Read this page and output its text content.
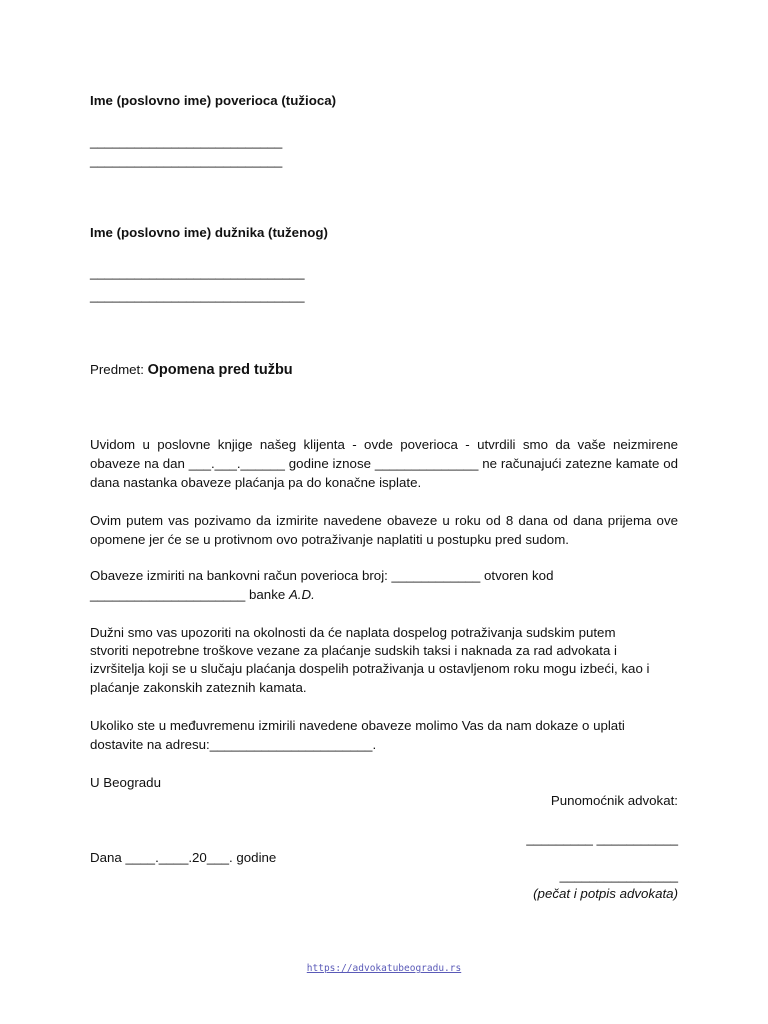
Ime (poslovno ime) poverioca (tužioca)
__________________________
__________________________
Ime (poslovno ime) dužnika (tuženog)
_____________________________
_____________________________
Predmet: Opomena pred tužbu
Uvidom u poslovne knjige našeg klijenta - ovde poverioca - utvrdili smo da vaše neizmirene obaveze na dan ___.___.______ godine iznose ______________ ne računajući zatezne kamate od dana nastanka obaveze plaćanja pa do konačne isplate.
Ovim putem vas pozivamo da izmirite navedene obaveze u roku od 8 dana od dana prijema ove opomene jer će se u protivnom ovo potraživanje naplatiti u postupku pred sudom.
Obaveze izmiriti na bankovni račun poverioca broj: ____________ otvoren kod
_____________________ banke A.D.
Dužni smo vas upozoriti na okolnosti da će naplata dospelog potraživanja sudskim putem
stvoriti nepotrebne troškove vezane za plaćanje sudskih taksi i naknada za rad advokata i
izvršitelja koji se u slučaju plaćanja dospelih potraživanja u ostavljenom roku mogu izbeći, kao i
plaćanje zakonskih zateznih kamata.
Ukoliko ste u međuvremenu izmirili navedene obaveze molimo Vas da nam dokaze o uplati
dostavite na adresu:______________________.
U Beogradu
Punomoćnik advokat:
_________ ___________
Dana ____.____.20___. godine
________________
(pečat i potpis advokata)
https://advokatubeogradu.rs
